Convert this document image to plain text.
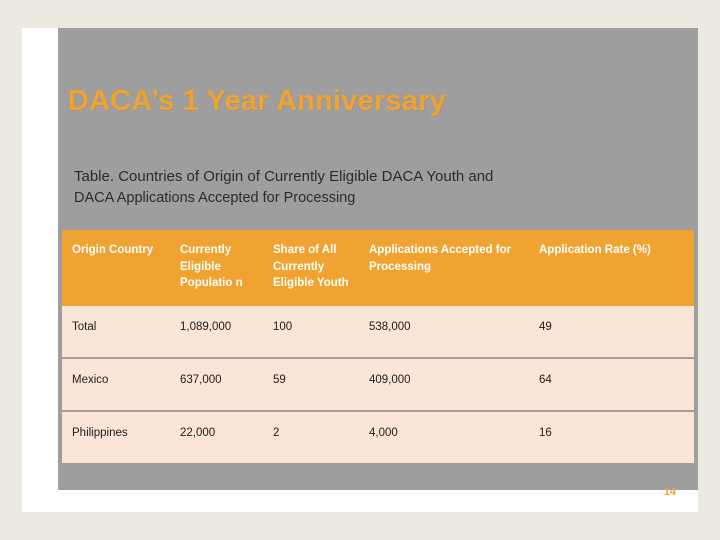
DACA’s 1 Year Anniversary
Table. Countries of Origin of Currently Eligible DACA Youth and
DACA Applications Accepted for Processing
Origin Country	Currently Eligible Populatio n	Share of All Currently Eligible Youth	Applications Accepted for Processing	Application Rate (%)
Total	1,089,000	100	538,000	49
Mexico	637,000	59	409,000	64
Philippines	22,000	2	4,000	16
14
